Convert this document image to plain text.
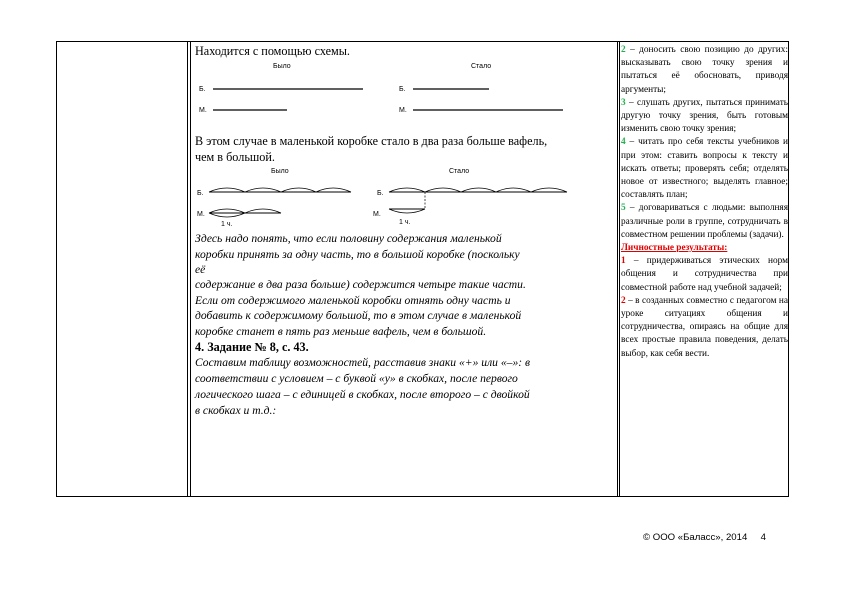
Находится с помощью схемы.
Было	Стало
Б.
М.
Б.
М.
В этом случае в маленькой коробке стало в два раза больше вафель,
чем в большой.
Было	Стало
Б.
М.
1 ч.
Б.
М.
1 ч.
Здесь надо понять, что если половину содержания маленькой
коробки принять за одну часть, то в большой коробке (поскольку
её
содержание в два раза больше) содержится четыре такие части.
Если от содержимого маленькой коробки отнять одну часть и
добавить к содержимому большой, то в этом случае в маленькой
коробке станет в пять раз меньше вафель, чем в большой.
4. Задание № 8, с. 43.
Составим таблицу возможностей, расставив знаки «+» или «–»: в
соответствии с условием – с буквой «у» в скобках, после первого
логического шага – с единицей в скобках, после второго – с двойкой
в скобках и т.д.:

2 – доносить свою позицию до других: высказывать свою точку зрения и пытаться её обосновать, приводя аргументы;

3 – слушать других, пытаться принимать другую точку зрения, быть готовым изменить свою точку зрения;

4 – читать про себя тексты учебников и при этом: ставить вопросы к тексту и искать ответы; проверять себя; отделять новое от известного; выделять главное; составлять план;

5 – договариваться с людьми: выполняя различные роли в группе, сотрудничать в совместном решении проблемы (задачи).

Личностные результаты:

1 – придерживаться этических норм общения и сотрудничества при совместной работе над учебной задачей;

2 – в созданных совместно с педагогом на уроке ситуациях общения и сотрудничества, опираясь на общие для всех простые правила поведения, делать выбор, как себя вести.

© ООО «Баласс», 2014 4
